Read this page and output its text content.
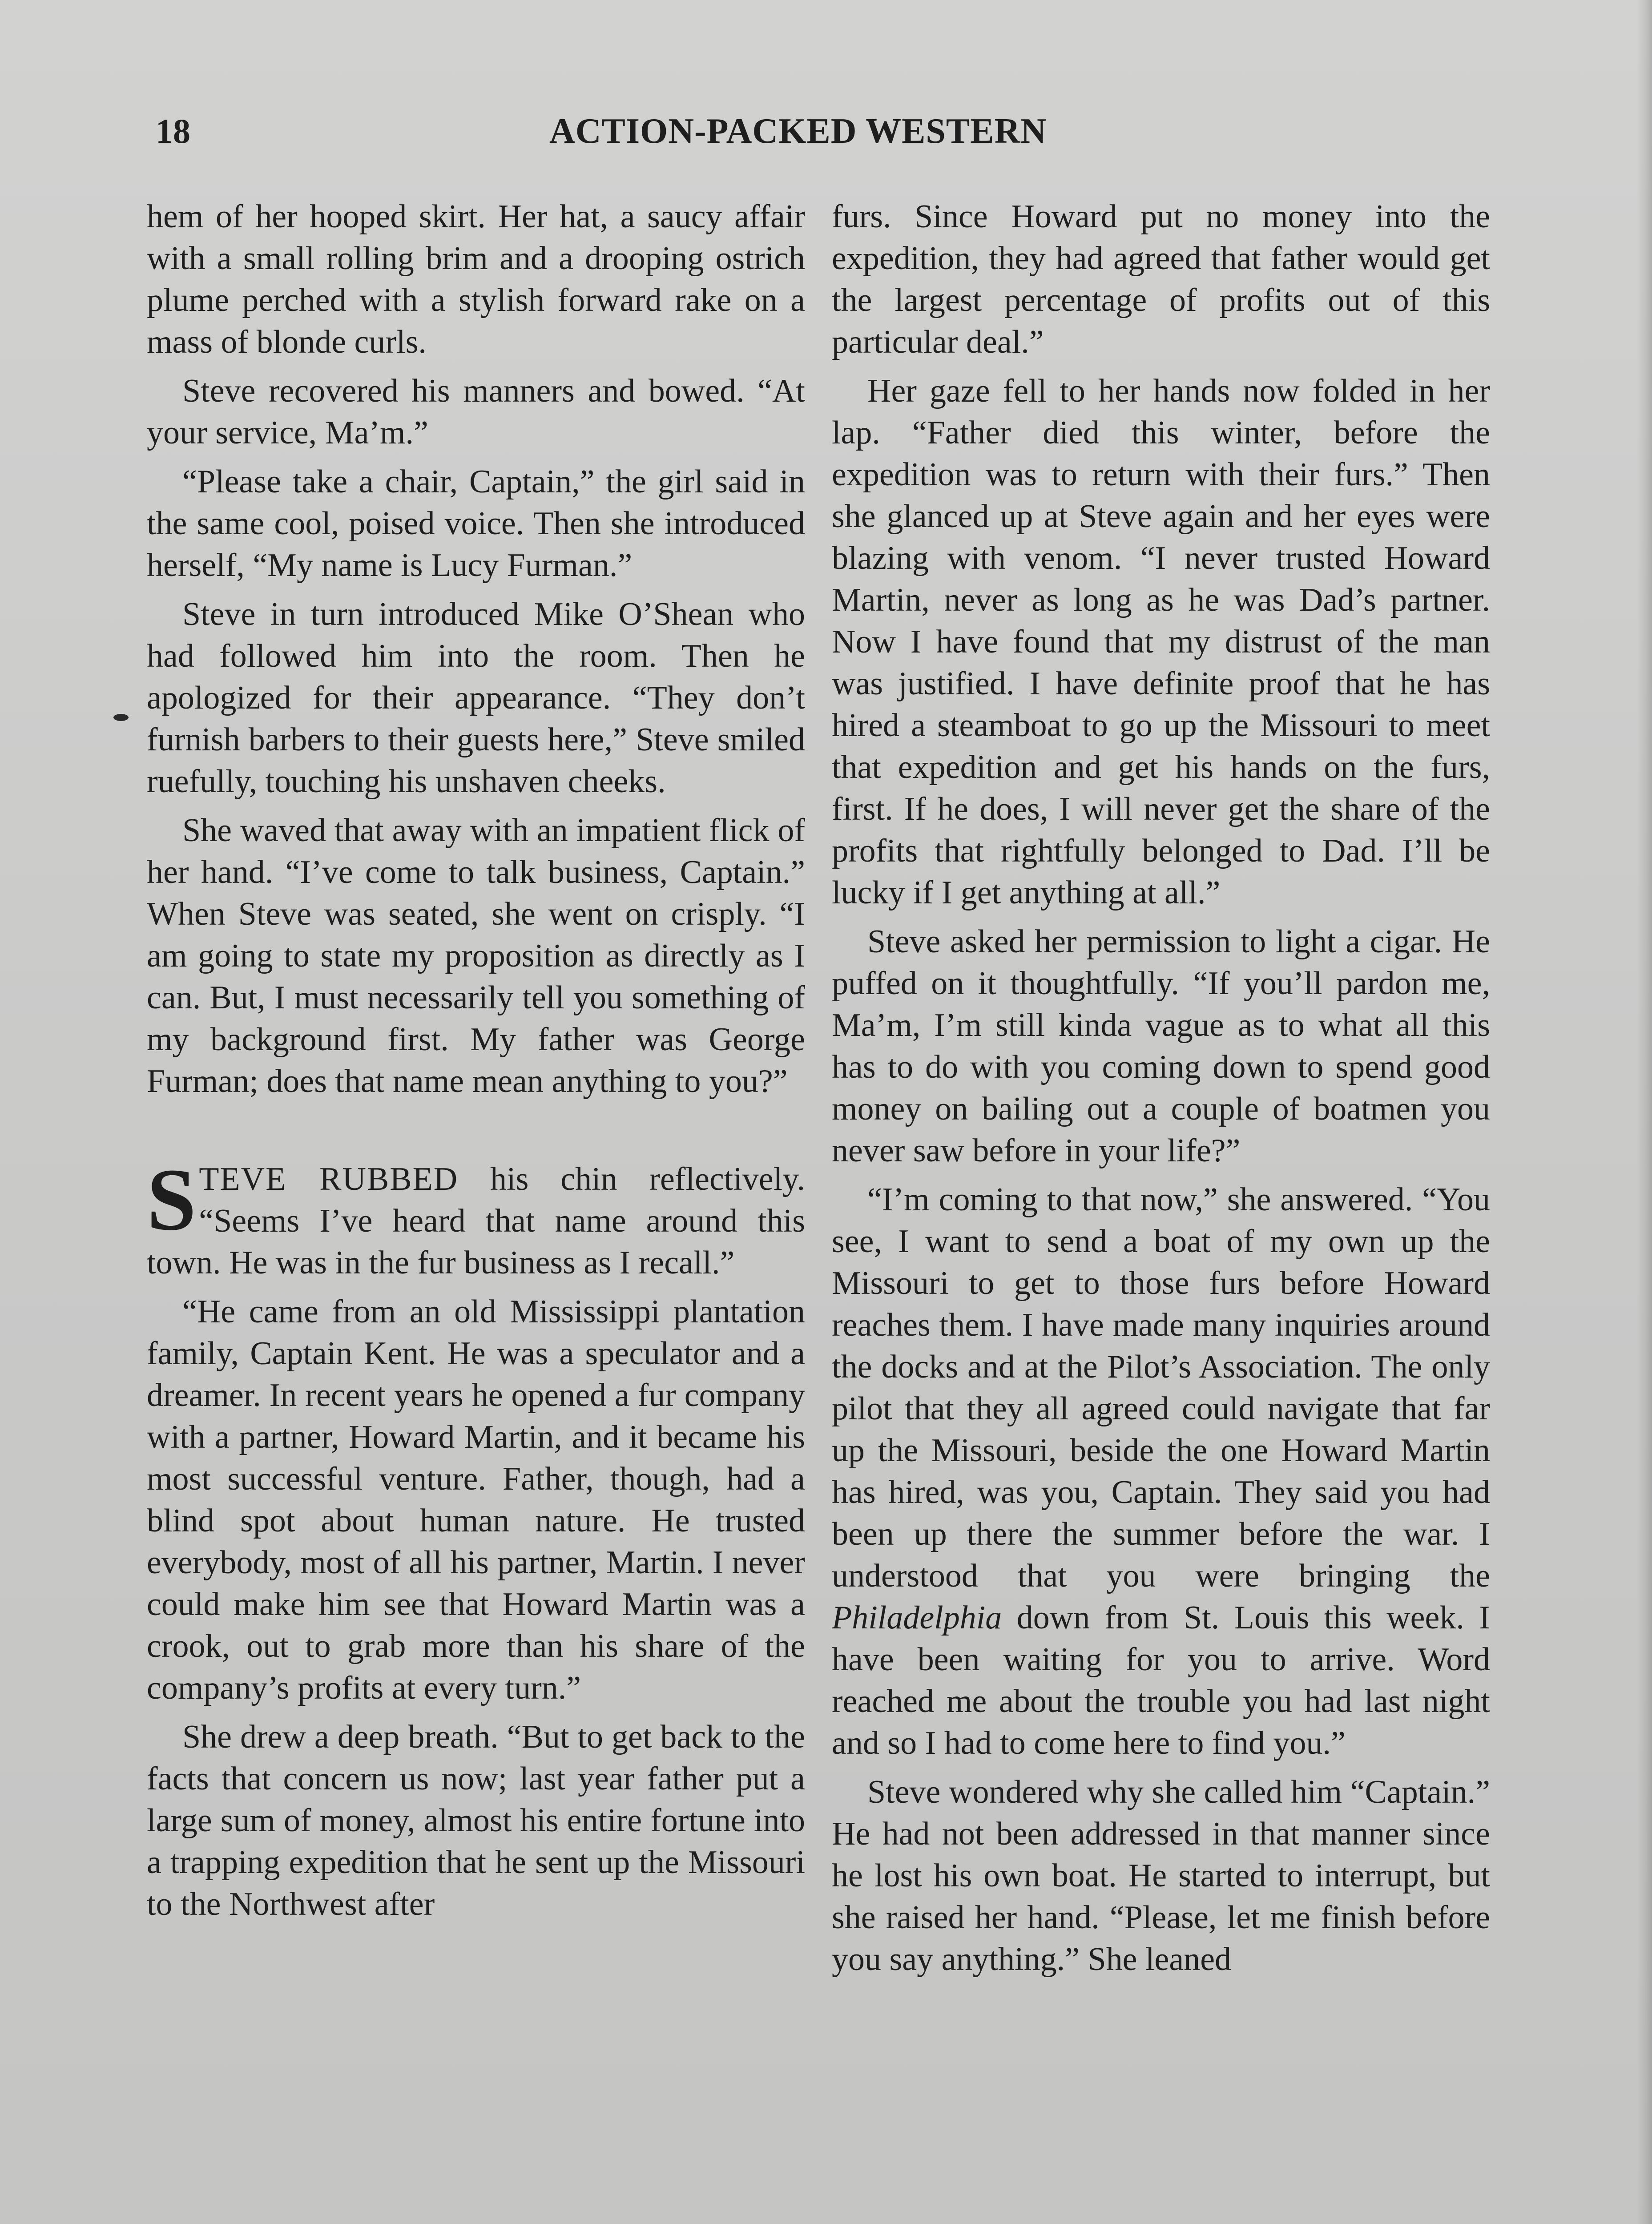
18	ACTION-PACKED WESTERN

hem of her hooped skirt. Her hat, a saucy affair with a small rolling brim and a drooping ostrich plume perched with a stylish forward rake on a mass of blonde curls.

Steve recovered his manners and bowed. “At your service, Ma’m.”

“Please take a chair, Captain,” the girl said in the same cool, poised voice. Then she introduced herself, “My name is Lucy Furman.”

Steve in turn introduced Mike O’Shean who had followed him into the room. Then he apologized for their appearance. “They don’t furnish barbers to their guests here,” Steve smiled ruefully, touching his unshaven cheeks.

She waved that away with an impatient flick of her hand. “I’ve come to talk business, Captain.” When Steve was seated, she went on crisply. “I am going to state my proposition as directly as I can. But, I must necessarily tell you something of my background first. My father was George Furman; does that name mean anything to you?”

STEVE RUBBED his chin reflectively. “Seems I’ve heard that name around this town. He was in the fur business as I recall.”

“He came from an old Mississippi plantation family, Captain Kent. He was a speculator and a dreamer. In recent years he opened a fur company with a partner, Howard Martin, and it became his most successful venture. Father, though, had a blind spot about human nature. He trusted everybody, most of all his partner, Martin. I never could make him see that Howard Martin was a crook, out to grab more than his share of the company’s profits at every turn.”

She drew a deep breath. “But to get back to the facts that concern us now; last year father put a large sum of money, almost his entire fortune into a trapping expedition that he sent up the Missouri to the Northwest after

furs. Since Howard put no money into the expedition, they had agreed that father would get the largest percentage of profits out of this particular deal.”

Her gaze fell to her hands now folded in her lap. “Father died this winter, before the expedition was to return with their furs.” Then she glanced up at Steve again and her eyes were blazing with venom. “I never trusted Howard Martin, never as long as he was Dad’s partner. Now I have found that my distrust of the man was justified. I have definite proof that he has hired a steamboat to go up the Missouri to meet that expedition and get his hands on the furs, first. If he does, I will never get the share of the profits that rightfully belonged to Dad. I’ll be lucky if I get anything at all.”

Steve asked her permission to light a cigar. He puffed on it thoughtfully. “If you’ll pardon me, Ma’m, I’m still kinda vague as to what all this has to do with you coming down to spend good money on bailing out a couple of boatmen you never saw before in your life?”

“I’m coming to that now,” she answered. “You see, I want to send a boat of my own up the Missouri to get to those furs before Howard reaches them. I have made many inquiries around the docks and at the Pilot’s Association. The only pilot that they all agreed could navigate that far up the Missouri, beside the one Howard Martin has hired, was you, Captain. They said you had been up there the summer before the war. I understood that you were bringing the Philadelphia down from St. Louis this week. I have been waiting for you to arrive. Word reached me about the trouble you had last night and so I had to come here to find you.”

Steve wondered why she called him “Captain.” He had not been addressed in that manner since he lost his own boat. He started to interrupt, but she raised her hand. “Please, let me finish before you say anything.” She leaned
